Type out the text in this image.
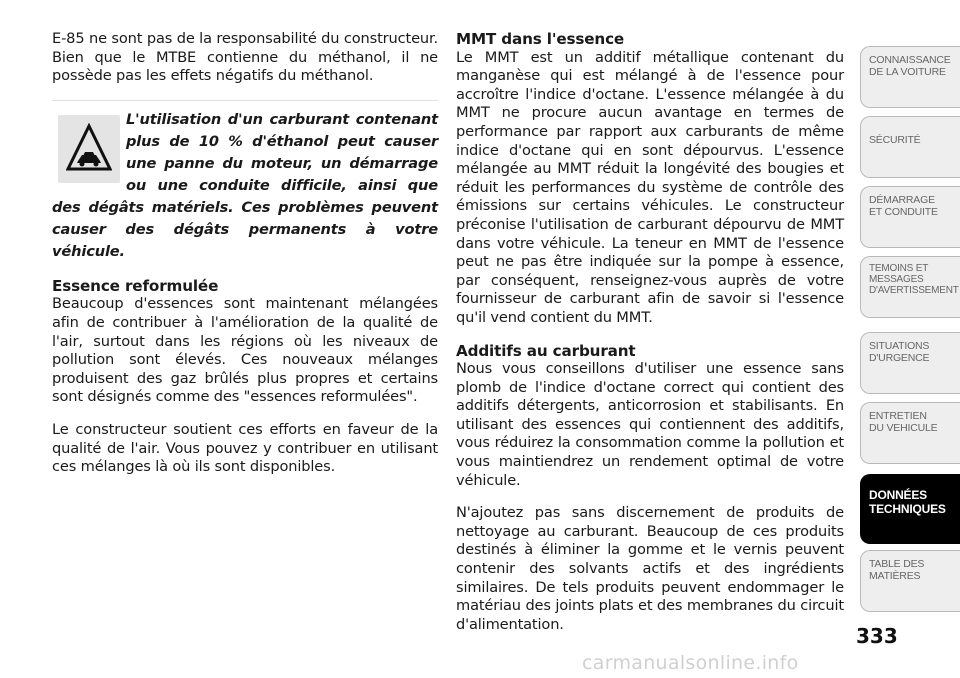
E-85 ne sont pas de la responsabilité du constructeur. Bien que le MTBE contienne du méthanol, il ne possède pas les effets négatifs du méthanol.

L'utilisation d'un carburant contenant plus de 10 % d'éthanol peut causer une panne du moteur, un démarrage ou une conduite difficile, ainsi que des dégâts matériels. Ces problèmes peuvent causer des dégâts permanents à votre véhicule.

Essence reformulée

Beaucoup d'essences sont maintenant mélangées afin de contribuer à l'amélioration de la qualité de l'air, surtout dans les régions où les niveaux de pollution sont élevés. Ces nouveaux mélanges produisent des gaz brûlés plus propres et certains sont désignés comme des "essences reformulées".

Le constructeur soutient ces efforts en faveur de la qualité de l'air. Vous pouvez y contribuer en utilisant ces mélanges là où ils sont disponibles.

MMT dans l'essence

Le MMT est un additif métallique contenant du manganèse qui est mélangé à de l'essence pour accroître l'indice d'octane. L'essence mélangée à du MMT ne procure aucun avantage en termes de performance par rapport aux carburants de même indice d'octane qui en sont dépourvus. L'essence mélangée au MMT réduit la longévité des bougies et réduit les performances du système de contrôle des émissions sur certains véhicules. Le constructeur préconise l'utilisation de carburant dépourvu de MMT dans votre véhicule. La teneur en MMT de l'essence peut ne pas être indiquée sur la pompe à essence, par conséquent, renseignez-vous auprès de votre fournisseur de carburant afin de savoir si l'essence qu'il vend contient du MMT.

Additifs au carburant

Nous vous conseillons d'utiliser une essence sans plomb de l'indice d'octane correct qui contient des additifs détergents, anticorrosion et stabilisants. En utilisant des essences qui contiennent des additifs, vous réduirez la consommation comme la pollution et vous maintiendrez un rendement optimal de votre véhicule.

N'ajoutez pas sans discernement de produits de nettoyage au carburant. Beaucoup de ces produits destinés à éliminer la gomme et le vernis peuvent contenir des solvants actifs et des ingrédients similaires. De tels produits peuvent endommager le matériau des joints plats et des membranes du circuit d'alimentation.

CONNAISSANCE
DE LA VOITURE
SÉCURITÉ
DÉMARRAGE
ET CONDUITE
TEMOINS ET
MESSAGES
D'AVERTISSEMENT
SITUATIONS
D'URGENCE
ENTRETIEN
DU VEHICULE
DONNÉES
TECHNIQUES
TABLE DES
MATIÈRES
333
carmanualsonline.info
